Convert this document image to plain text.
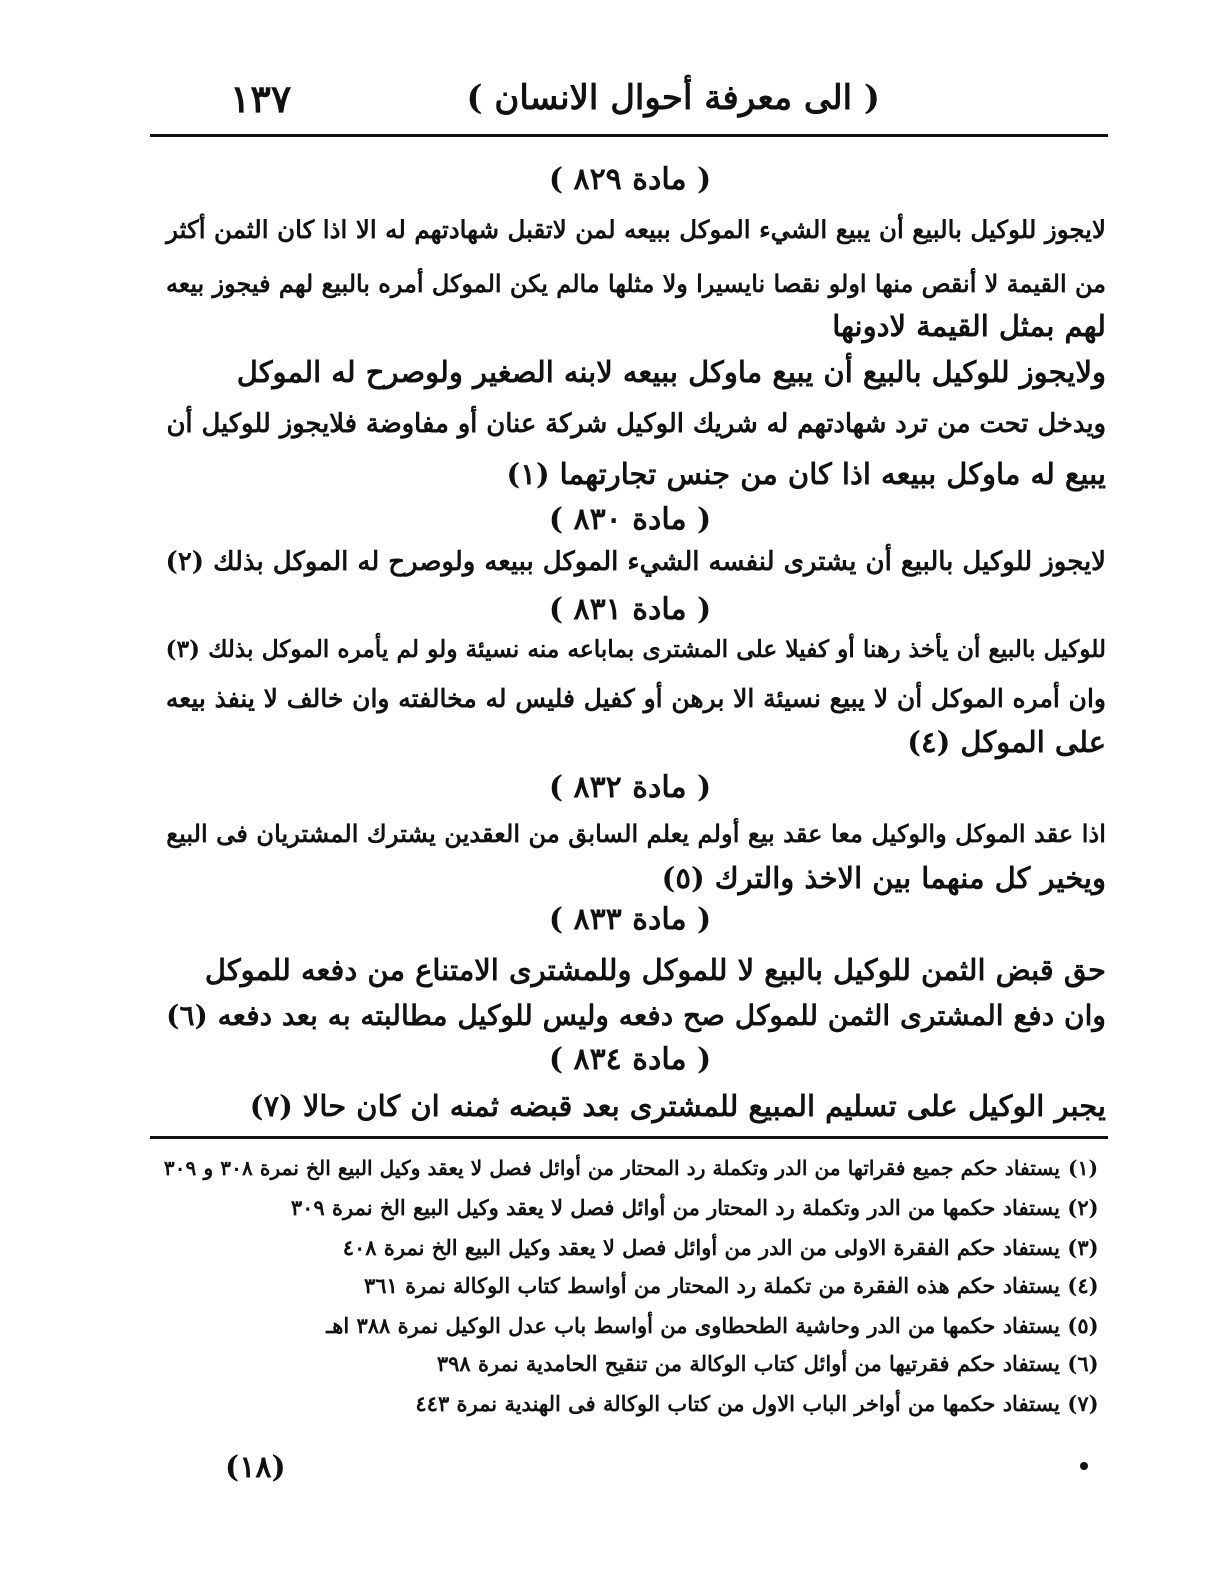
( الى معرفة أحوال الانسان )
١٣٧
( مادة ٨٢٩ )
لايجوز للوكيل بالبيع أن يبيع الشيء الموكل ببيعه لمن لاتقبل شهادتهم له الا اذا كان الثمن أكثر
من القيمة لا أنقص منها اولو نقصا نايسيرا ولا مثلها مالم يكن الموكل أمره بالبيع لهم فيجوز بيعه
لهم بمثل القيمة لادونها
ولايجوز للوكيل بالبيع أن يبيع ماوكل ببيعه لابنه الصغير ولوصرح له الموكل
ويدخل تحت من ترد شهادتهم له شريك الوكيل شركة عنان أو مفاوضة فلايجوز للوكيل أن
يبيع له ماوكل ببيعه اذا كان من جنس تجارتهما (١)
( مادة ٨٣٠ )
لايجوز للوكيل بالبيع أن يشترى لنفسه الشيء الموكل ببيعه ولوصرح له الموكل بذلك (٢)
( مادة ٨٣١ )
للوكيل بالبيع أن يأخذ رهنا أو كفيلا على المشترى بماباعه منه نسيئة ولو لم يأمره الموكل بذلك (٣)
وان أمره الموكل أن لا يبيع نسيئة الا برهن أو كفيل فليس له مخالفته وان خالف لا ينفذ بيعه
على الموكل (٤)
( مادة ٨٣٢ )
اذا عقد الموكل والوكيل معا عقد بيع أولم يعلم السابق من العقدين يشترك المشتريان فى البيع
ويخير كل منهما بين الاخذ والترك (٥)
( مادة ٨٣٣ )
حق قبض الثمن للوكيل بالبيع لا للموكل وللمشترى الامتناع من دفعه للموكل
وان دفع المشترى الثمن للموكل صح دفعه وليس للوكيل مطالبته به بعد دفعه (٦)
( مادة ٨٣٤ )
يجبر الوكيل على تسليم المبيع للمشترى بعد قبضه ثمنه ان كان حالا (٧)
(١)يستفاد حكم جميع فقراتها من الدر وتكملة رد المحتار من أوائل فصل لا يعقد وكيل البيع الخ نمرة ٣٠٨ و ٣٠٩
(٢)يستفاد حكمها من الدر وتكملة رد المحتار من أوائل فصل لا يعقد وكيل البيع الخ نمرة ٣٠٩
(٣)يستفاد حكم الفقرة الاولى من الدر من أوائل فصل لا يعقد وكيل البيع الخ نمرة ٤٠٨
(٤)يستفاد حكم هذه الفقرة من تكملة رد المحتار من أواسط كتاب الوكالة نمرة ٣٦١
(٥)يستفاد حكمها من الدر وحاشية الطحطاوى من أواسط باب عدل الوكيل نمرة ٣٨٨ اهـ
(٦)يستفاد حكم فقرتيها من أوائل كتاب الوكالة من تنقيح الحامدية نمرة ٣٩٨
(٧)يستفاد حكمها من أواخر الباب الاول من كتاب الوكالة فى الهندية نمرة ٤٤٣
(١٨)
